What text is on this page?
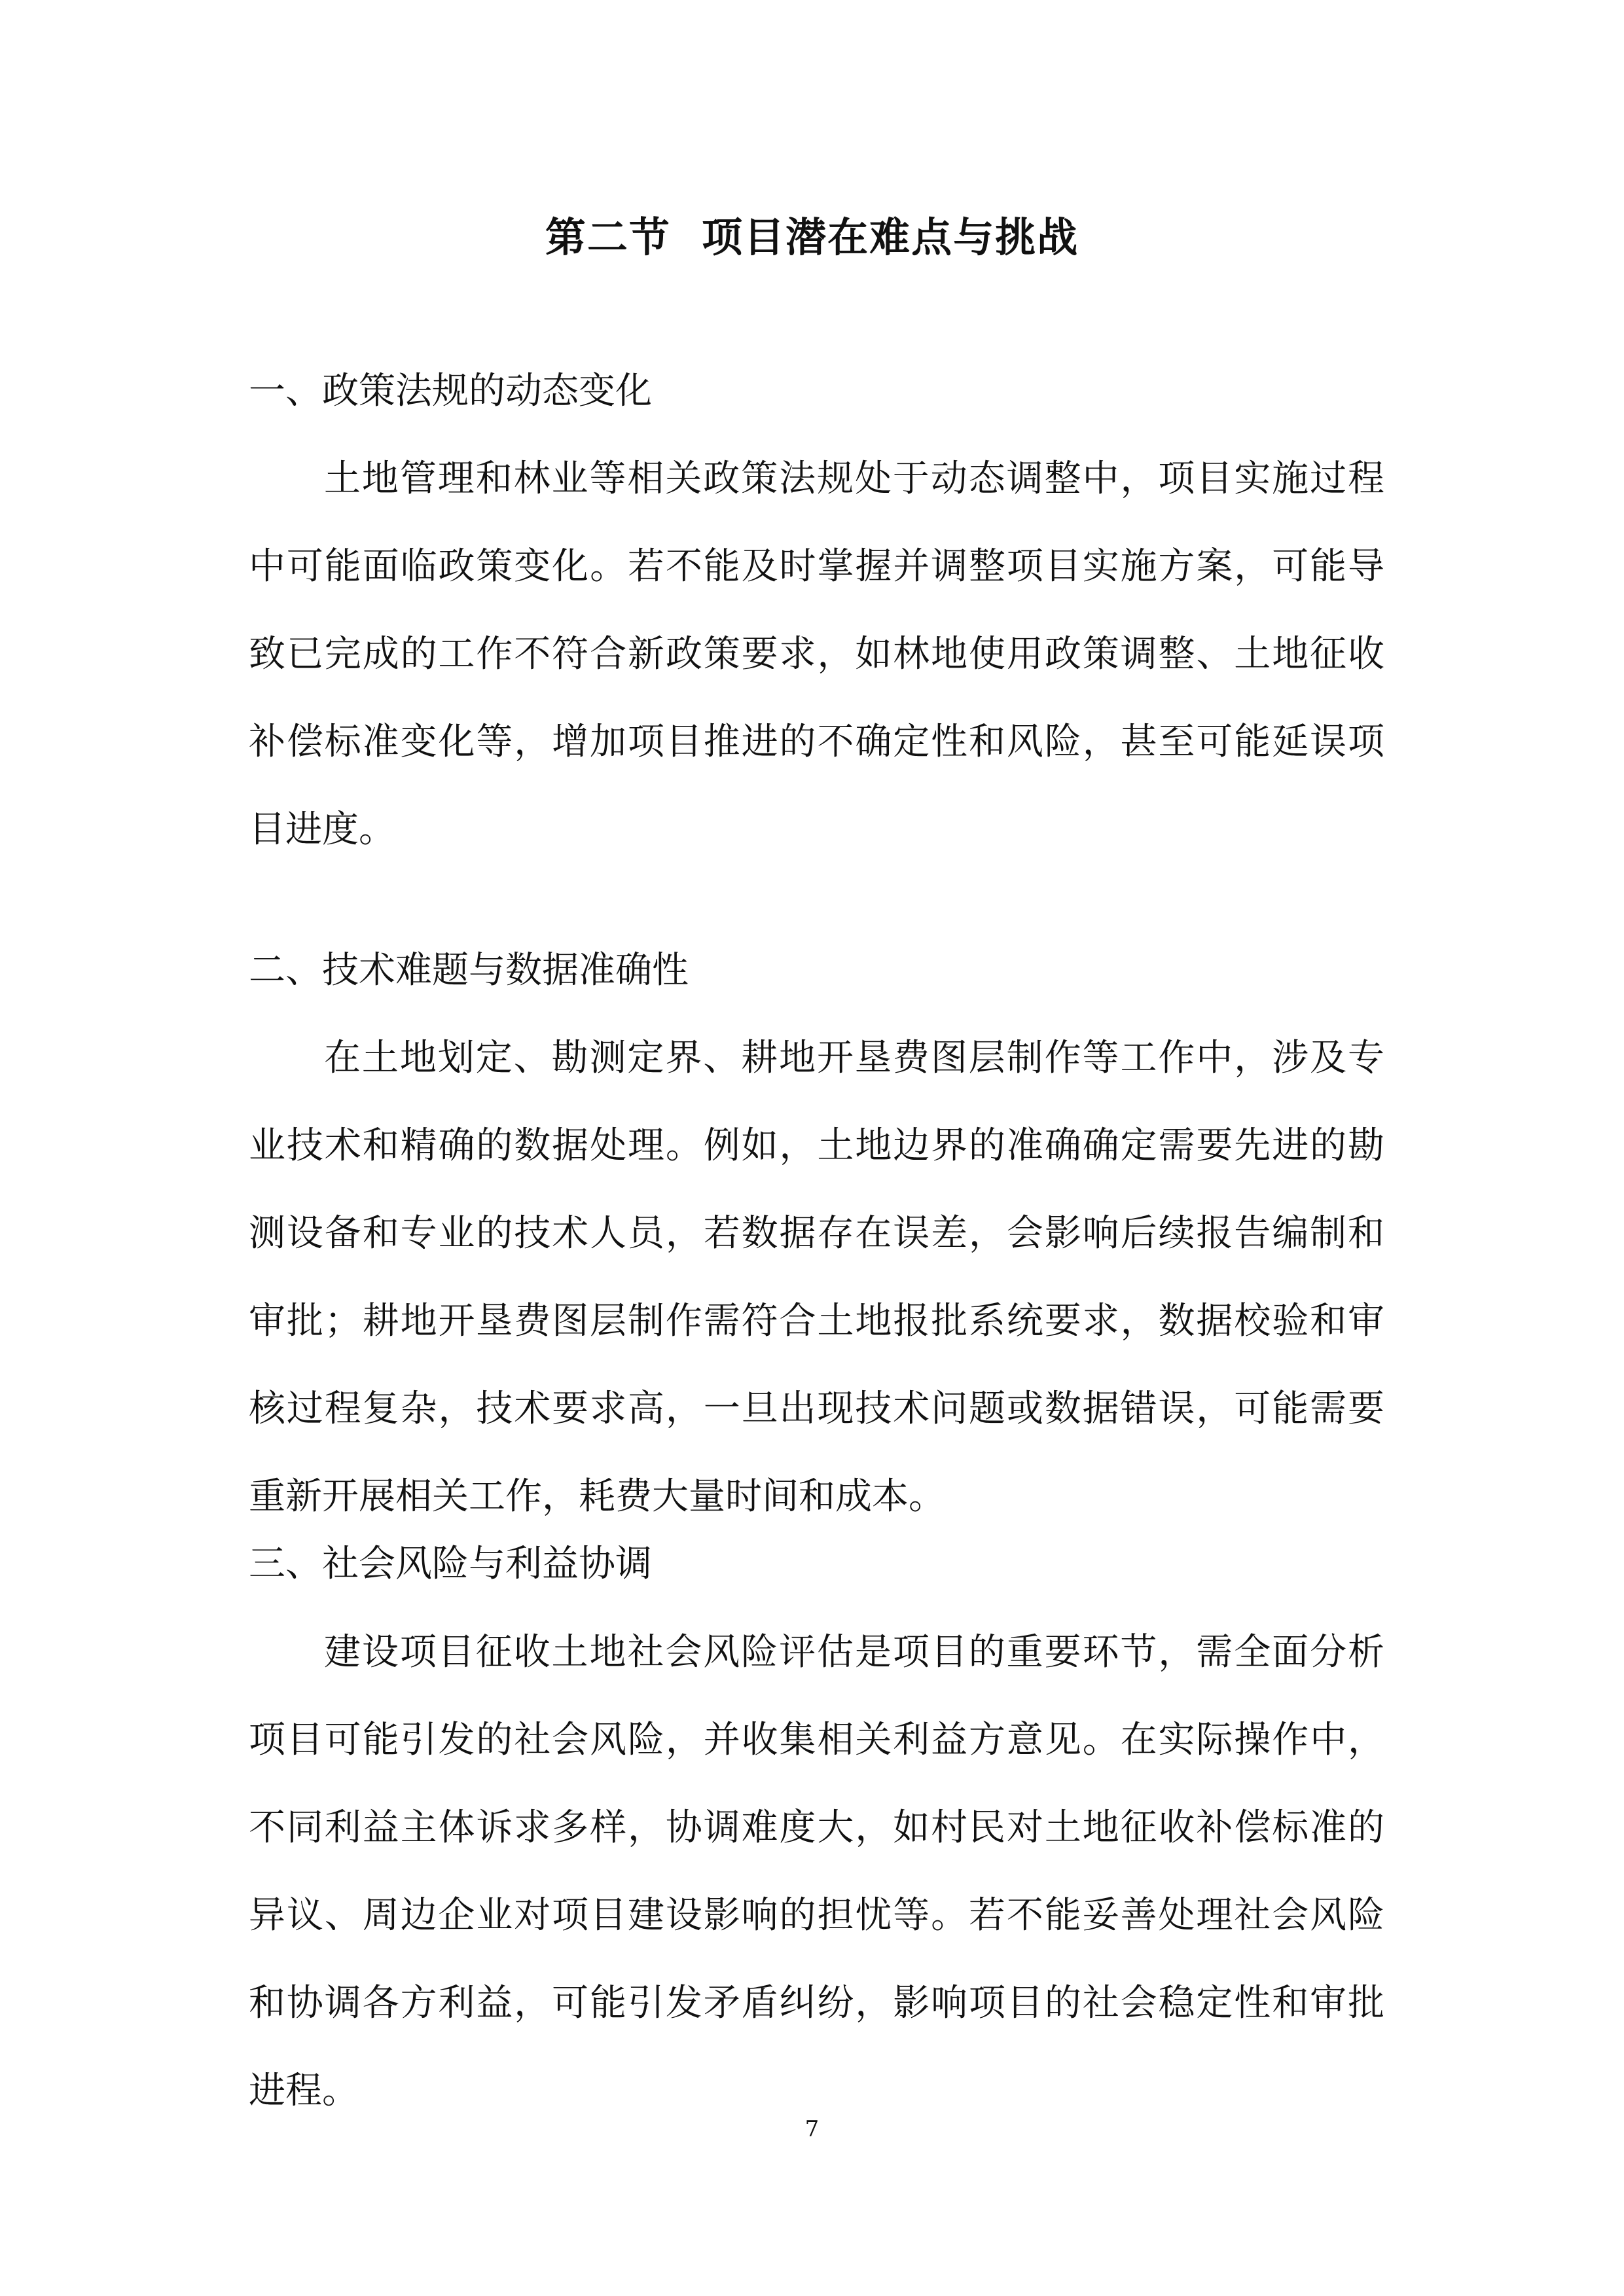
第二节  项目潜在难点与挑战
一、政策法规的动态变化

土地管理和林业等相关政策法规处于动态调整中，项目实施过程中可能面临政策变化。若不能及时掌握并调整项目实施方案，可能导致已完成的工作不符合新政策要求，如林地使用政策调整、土地征收补偿标准变化等，增加项目推进的不确定性和风险，甚至可能延误项目进度。

二、技术难题与数据准确性

在土地划定、勘测定界、耕地开垦费图层制作等工作中，涉及专业技术和精确的数据处理。例如，土地边界的准确确定需要先进的勘测设备和专业的技术人员，若数据存在误差，会影响后续报告编制和审批；耕地开垦费图层制作需符合土地报批系统要求，数据校验和审核过程复杂，技术要求高，一旦出现技术问题或数据错误，可能需要重新开展相关工作，耗费大量时间和成本。

三、社会风险与利益协调

建设项目征收土地社会风险评估是项目的重要环节，需全面分析项目可能引发的社会风险，并收集相关利益方意见。在实际操作中，不同利益主体诉求多样，协调难度大，如村民对土地征收补偿标准的异议、周边企业对项目建设影响的担忧等。若不能妥善处理社会风险和协调各方利益，可能引发矛盾纠纷，影响项目的社会稳定性和审批进程。

7
